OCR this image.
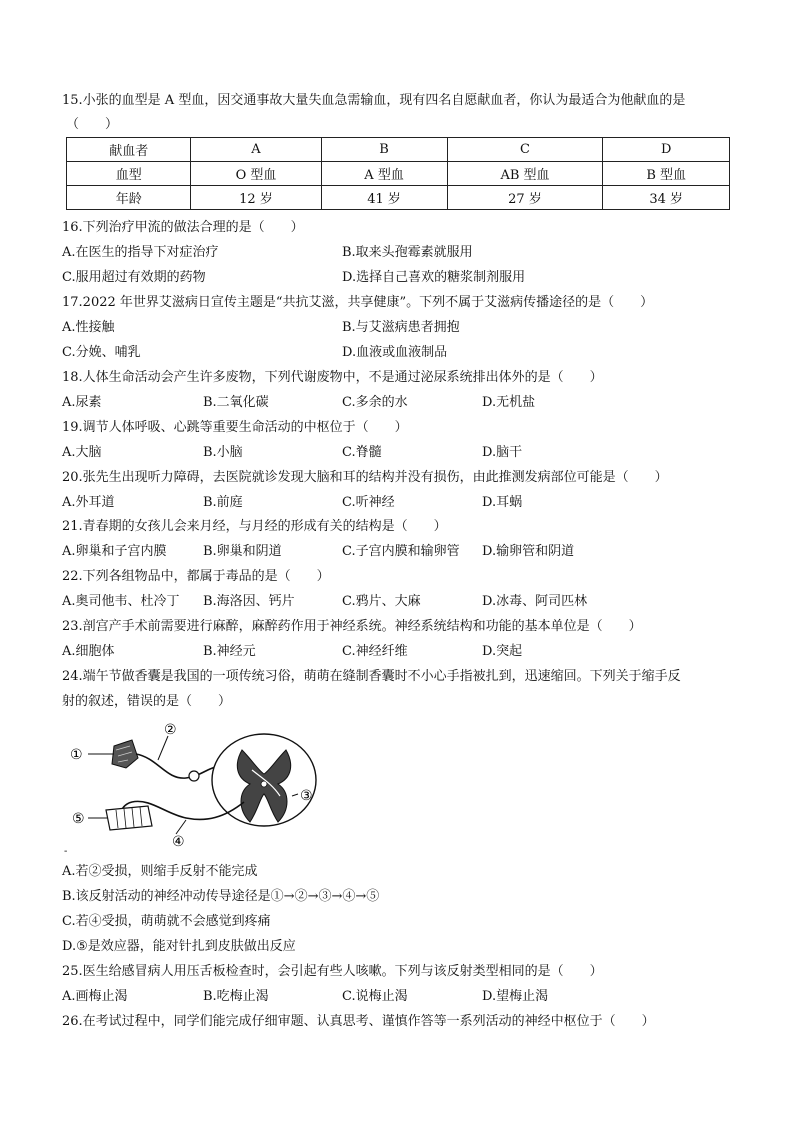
15.小张的血型是 A 型血，因交通事故大量失血急需输血，现有四名自愿献血者，你认为最适合为他献血的是
（　　）
献血者	A	B	C	D
血型	O 型血	A 型血	AB 型血	B 型血
年龄	12 岁	41 岁	27 岁	34 岁
16.下列治疗甲流的做法合理的是（　　）
A.在医生的指导下对症治疗	B.取来头孢霉素就服用
C.服用超过有效期的药物	D.选择自己喜欢的糖浆制剂服用
17.2022 年世界艾滋病日宣传主题是“共抗艾滋，共享健康”。下列不属于艾滋病传播途径的是（　　）
A.性接触	B.与艾滋病患者拥抱
C.分娩、哺乳	D.血液或血液制品
18.人体生命活动会产生许多废物，下列代谢废物中，不是通过泌尿系统排出体外的是（　　）
A.尿素	B.二氧化碳	C.多余的水	D.无机盐
19.调节人体呼吸、心跳等重要生命活动的中枢位于（　　）
A.大脑	B.小脑	C.脊髓	D.脑干
20.张先生出现听力障碍，去医院就诊发现大脑和耳的结构并没有损伤，由此推测发病部位可能是（　　）
A.外耳道	B.前庭	C.听神经	D.耳蜗
21.青春期的女孩儿会来月经，与月经的形成有关的结构是（　　）
A.卵巢和子宫内膜	B.卵巢和阴道	C.子宫内膜和输卵管 D.输卵管和阴道
22.下列各组物品中，都属于毒品的是（　　）
A.奥司他韦、杜冷丁 B.海洛因、钙片	C.鸦片、大麻	D.冰毒、阿司匹林
23.剖宫产手术前需要进行麻醉，麻醉药作用于神经系统。神经系统结构和功能的基本单位是（　　）
A.细胞体	B.神经元	C.神经纤维	D.突起
24.端午节做香囊是我国的一项传统习俗，萌萌在缝制香囊时不小心手指被扎到，迅速缩回。下列关于缩手反
射的叙述，错误的是（　　）
①
②
③
④
⑤
-
A.若②受损，则缩手反射不能完成
B.该反射活动的神经冲动传导途径是①→②→③→④→⑤
C.若④受损，萌萌就不会感觉到疼痛
D.⑤是效应器，能对针扎到皮肤做出反应
25.医生给感冒病人用压舌板检查时，会引起有些人咳嗽。下列与该反射类型相同的是（　　）
A.画梅止渴	B.吃梅止渴	C.说梅止渴	D.望梅止渴
26.在考试过程中，同学们能完成仔细审题、认真思考、谨慎作答等一系列活动的神经中枢位于（　　）
